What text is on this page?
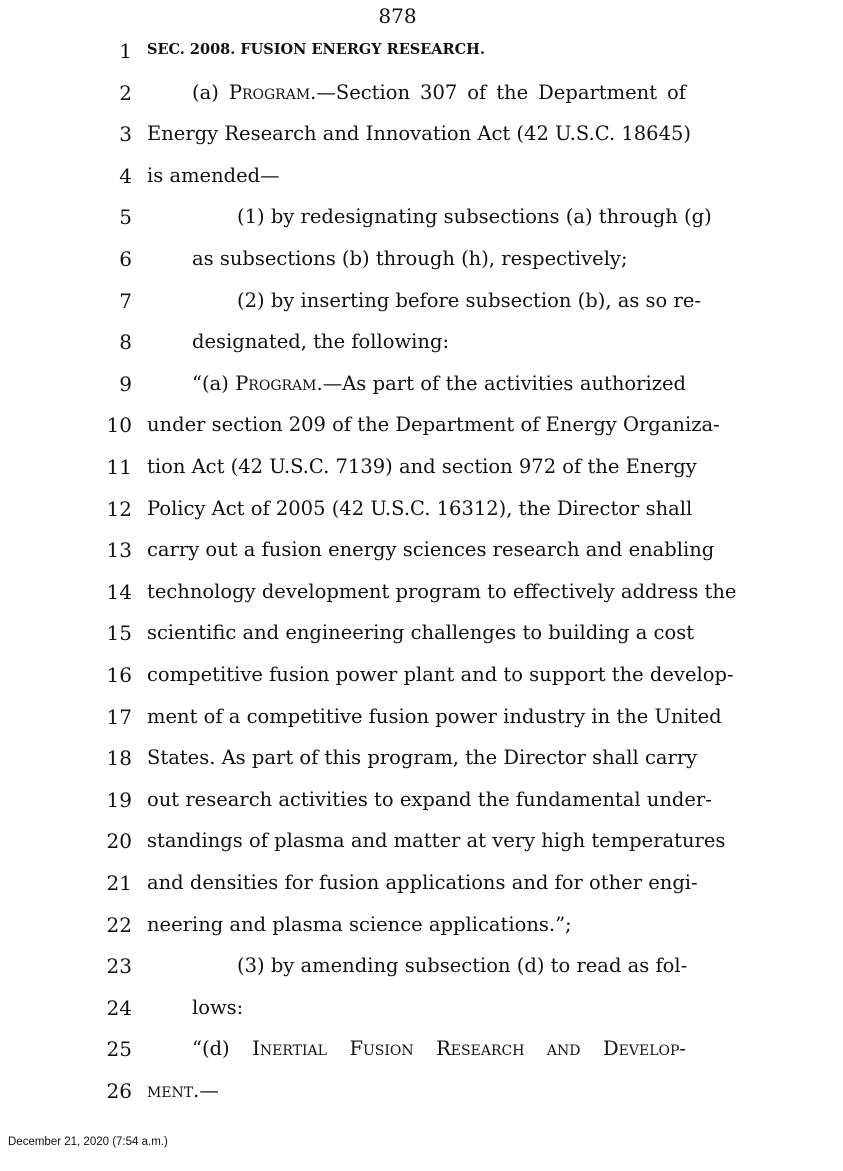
878
1 SEC. 2008. FUSION ENERGY RESEARCH.
2	(a) Program.—Section 307 of the Department of
3 Energy Research and Innovation Act (42 U.S.C. 18645)
4 is amended—
5	(1) by redesignating subsections (a) through (g)
6	as subsections (b) through (h), respectively;
7	(2) by inserting before subsection (b), as so re-
8	designated, the following:
9	“(a) Program.—As part of the activities authorized
10 under section 209 of the Department of Energy Organiza-
11 tion Act (42 U.S.C. 7139) and section 972 of the Energy
12 Policy Act of 2005 (42 U.S.C. 16312), the Director shall
13 carry out a fusion energy sciences research and enabling
14 technology development program to effectively address the
15 scientific and engineering challenges to building a cost
16 competitive fusion power plant and to support the develop-
17 ment of a competitive fusion power industry in the United
18 States. As part of this program, the Director shall carry
19 out research activities to expand the fundamental under-
20 standings of plasma and matter at very high temperatures
21 and densities for fusion applications and for other engi-
22 neering and plasma science applications.”;
23	(3) by amending subsection (d) to read as fol-
24	lows:
25	“(d) Inertial Fusion Research and Develop-
26 ment.—
December 21, 2020 (7:54 a.m.)
